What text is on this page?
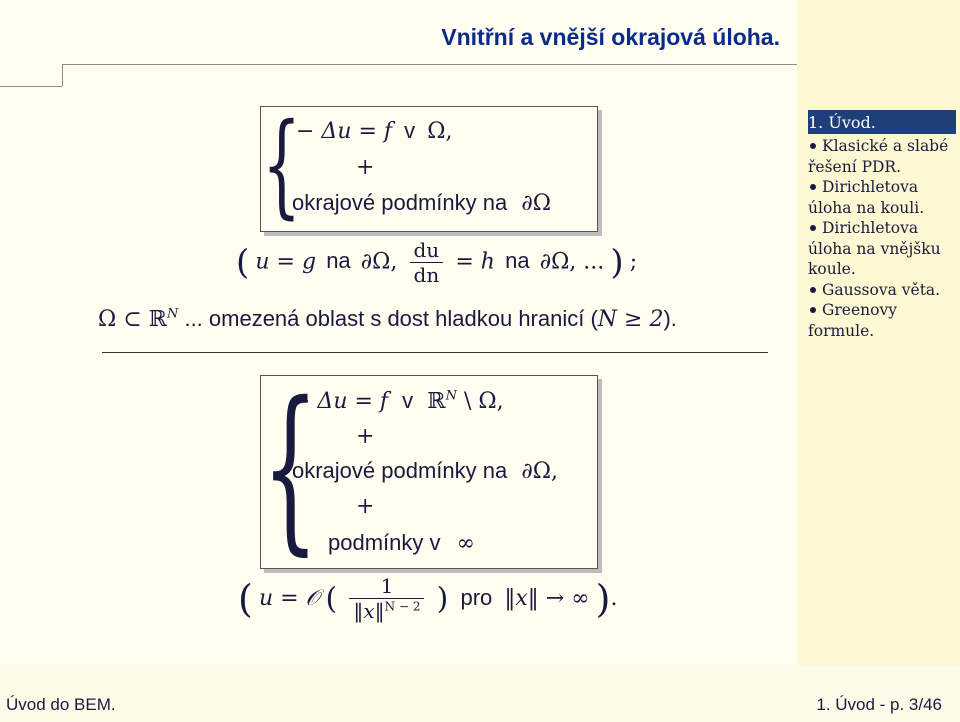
Vnitřní a vnější okrajová úloha.
{
− Δu = f v Ω,
+
okrajové podmínky na ∂Ω
( u = g na ∂Ω, $\frac{du}{dn} = h$ na ∂Ω, ... ) ;
Ω ⊂ ℝ$^N$ ... omezená oblast s dost hladkou hranicí (N ≥ 2).
{
− Δu = f v ℝ$^N$ \ Ω,
+
okrajové podmínky na ∂Ω,
+
podmínky v ∞
( u = 𝒪 ( $\frac{1}{‖x‖^{N - 2}}$ ) pro ‖x‖ → ∞ ).
1. Úvod.
Klasické a slabé řešení PDR.
Dirichletova úloha na kouli.
Dirichletova úloha na vnějšku koule.
Gaussova věta.
Greenovy formule.
Úvod do BEM.	1. Úvod - p. 3/46
